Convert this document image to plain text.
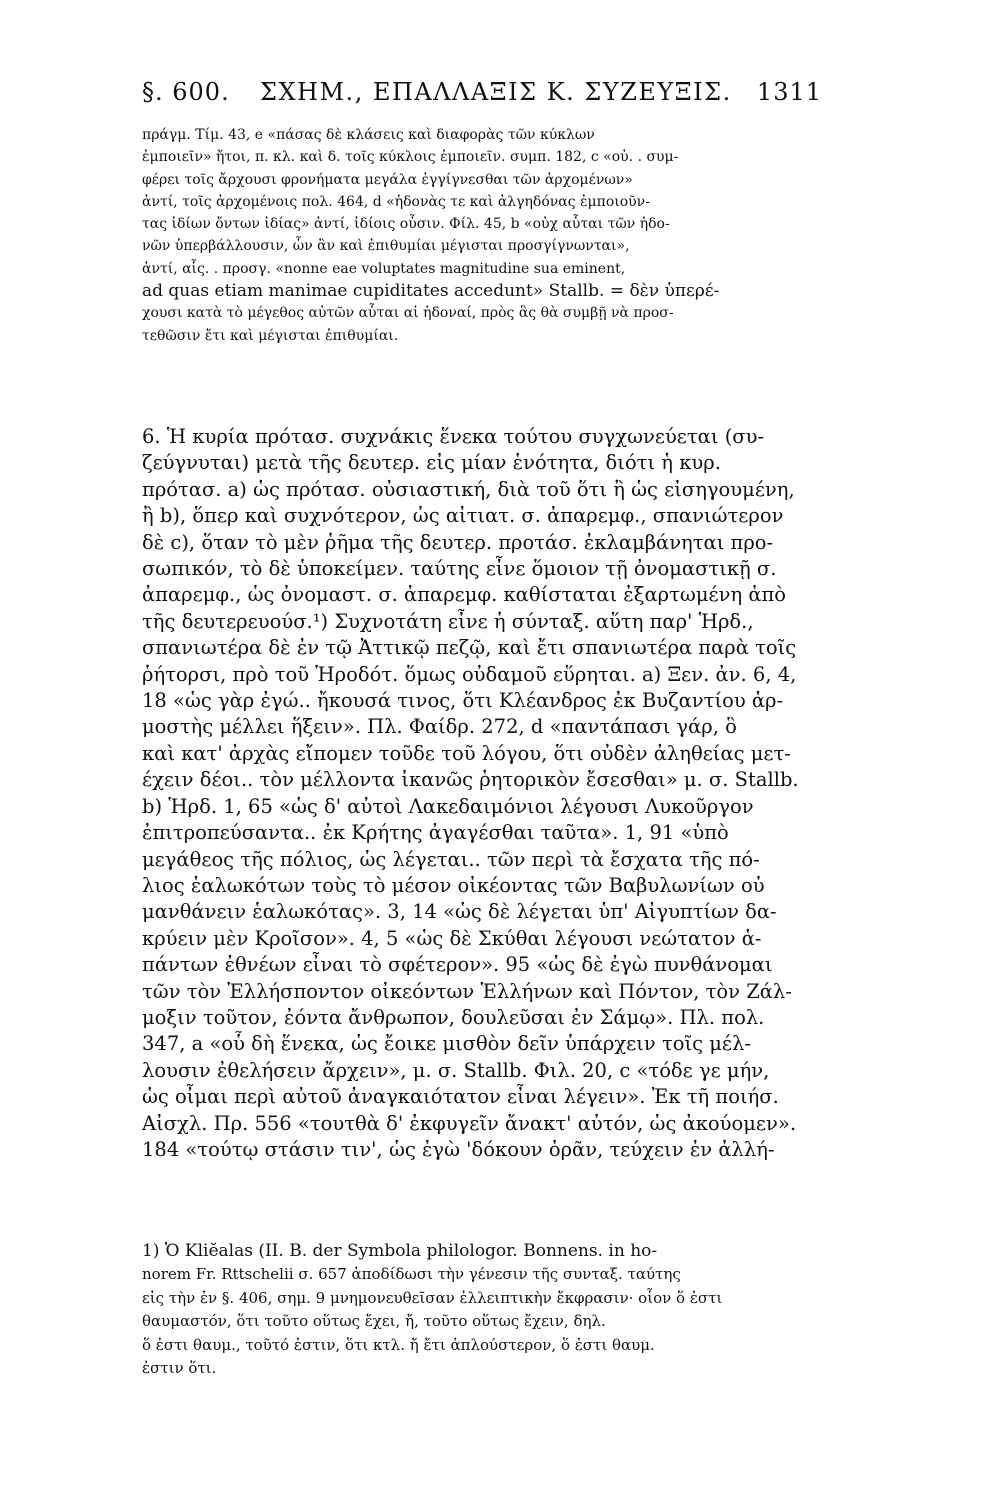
§. 600. ΣΧΗΜ., ΕΠΑΛΛΑΞΙΣ Κ. ΣΥΖΕΥΞΙΣ. 1311
πράγμ. Τίμ. 43, e «πάσας δὲ κλάσεις καὶ διαφορὰς τῶν κύκλων
ἐμποιεῖν» ἤτοι, π. κλ. καὶ δ. τοῖς κύκλοις ἐμποιεῖν. συμπ. 182, c «οὐ. . συμ-
φέρει τοῖς ἄρχουσι φρονήματα μεγάλα ἐγγίγνεσθαι τῶν ἀρχομένων»
ἀντί, τοῖς ἀρχομένοις πολ. 464, d «ἡδονὰς τε καὶ ἀλγηδόνας ἐμποιοῦν-
τας ἰδίων ὄντων ἰδίας» ἀντί, ἰδίοις οὖσιν. Φίλ. 45, b «οὐχ αὗται τῶν ἡδο-
νῶν ὑπερβάλλουσιν, ὧν ἂν καὶ ἐπιθυμίαι μέγισται προσγίγνωνται»,
ἀντί, αἷς. . προσγ. «nonne eae voluptates magnitudine sua eminent,
ad quas etiam manimae cupiditates accedunt» Stallb. = δὲν ὑπερέ-
χουσι κατὰ τὸ μέγεθος αὐτῶν αὗται αἱ ἡδοναί, πρὸς ἃς θὰ συμβῇ νὰ προσ-
τεθῶσιν ἔτι καὶ μέγισται ἐπιθυμίαι.
6. Ἡ κυρία πρότασ. συχνάκις ἕνεκα τούτου συγχωνεύεται (συ-
ζεύγνυται) μετὰ τῆς δευτερ. εἰς μίαν ἑνότητα, διότι ἡ κυρ.
πρότασ. a) ὡς πρότασ. οὐσιαστική, διὰ τοῦ ὅτι ἢ ὡς εἰσηγουμένη,
ἢ b), ὅπερ καὶ συχνότερον, ὡς αἰτιατ. σ. ἀπαρεμφ., σπανιώτερον
δὲ c), ὅταν τὸ μὲν ῥῆμα τῆς δευτερ. προτάσ. ἐκλαμβάνηται προ-
σωπικόν, τὸ δὲ ὑποκείμεν. ταύτης εἶνε ὅμοιον τῇ ὀνομαστικῇ σ.
ἀπαρεμφ., ὡς ὀνομαστ. σ. ἀπαρεμφ. καθίσταται ἐξαρτωμένη ἀπὸ
τῆς δευτερευούσ.¹) Συχνοτάτη εἶνε ἡ σύνταξ. αὕτη παρ' Ἡρδ.,
σπανιωτέρα δὲ ἐν τῷ Ἀττικῷ πεζῷ, καὶ ἔτι σπανιωτέρα παρὰ τοῖς
ῥήτορσι, πρὸ τοῦ Ἡροδότ. ὅμως οὐδαμοῦ εὕρηται. a) Ξεν. ἀν. 6, 4,
18 «ὡς γὰρ ἐγώ.. ἤκουσά τινος, ὅτι Κλέανδρος ἐκ Βυζαντίου ἁρ-
μοστὴς μέλλει ἥξειν». Πλ. Φαίδρ. 272, d «παντάπασι γάρ, ὃ
καὶ κατ' ἀρχὰς εἴπομεν τοῦδε τοῦ λόγου, ὅτι οὐδὲν ἀληθείας μετ-
έχειν δέοι.. τὸν μέλλοντα ἱκανῶς ῥητορικὸν ἔσεσθαι» μ. σ. Stallb.
b) Ἡρδ. 1, 65 «ὡς δ' αὐτοὶ Λακεδαιμόνιοι λέγουσι Λυκοῦργον
ἐπιτροπεύσαντα.. ἐκ Κρήτης ἀγαγέσθαι ταῦτα». 1, 91 «ὑπὸ
μεγάθεος τῆς πόλιος, ὡς λέγεται.. τῶν περὶ τὰ ἔσχατα τῆς πό-
λιος ἑαλωκότων τοὺς τὸ μέσον οἰκέοντας τῶν Βαβυλωνίων οὐ
μανθάνειν ἑαλωκότας». 3, 14 «ὡς δὲ λέγεται ὑπ' Αἰγυπτίων δα-
κρύειν μὲν Κροῖσον». 4, 5 «ὡς δὲ Σκύθαι λέγουσι νεώτατον ἁ-
πάντων ἐθνέων εἶναι τὸ σφέτερον». 95 «ὡς δὲ ἐγὼ πυνθάνομαι
τῶν τὸν Ἑλλήσποντον οἰκεόντων Ἑλλήνων καὶ Πόντον, τὸν Ζάλ-
μοξιν τοῦτον, ἐόντα ἄνθρωπον, δουλεῦσαι ἐν Σάμῳ». Πλ. πολ.
347, a «οὗ δὴ ἕνεκα, ὡς ἔοικε μισθὸν δεῖν ὑπάρχειν τοῖς μέλ-
λουσιν ἐθελήσειν ἄρχειν», μ. σ. Stallb. Φιλ. 20, c «τόδε γε μήν,
ὡς οἶμαι περὶ αὐτοῦ ἀναγκαιότατον εἶναι λέγειν». Ἐκ τῆ ποιήσ.
Αἰσχλ. Πρ. 556 «τουτθὰ δ' ἐκφυγεῖν ἄνακτ' αὐτόν, ὡς ἀκούομεν».
184 «τούτῳ στάσιν τιν', ὡς ἐγὼ 'δόκουν ὁρᾶν, τεύχειν ἐν ἀλλή-
1) Ὁ Kliĕalas (II. B. der Symbola philologor. Bonnens. in ho-
norem Fr. Rttschelii σ. 657 ἀποδίδωσι τὴν γένεσιν τῆς συνταξ. ταύτης
εἰς τὴν ἐν §. 406, σημ. 9 μνημονευθεῖσαν ἐλλειπτικὴν ἔκφρασιν· οἷον ὅ ἐστι
θαυμαστόν, ὅτι τοῦτο οὕτως ἔχει, ἤ, τοῦτο οὕτως ἔχειν, δηλ.
ὅ ἐστι θαυμ., τοῦτό ἐστιν, ὅτι κτλ. ἤ ἔτι ἁπλούστερον, ὅ ἐστι θαυμ.
ἐστιν ὅτι.
